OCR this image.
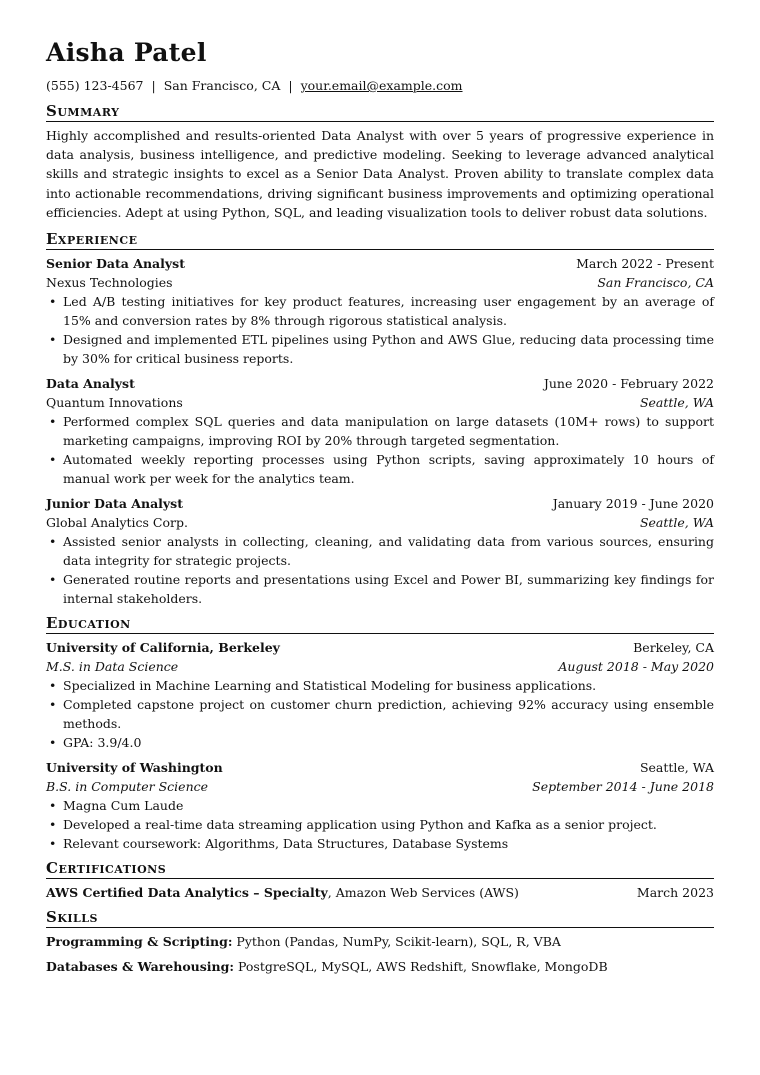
Aisha Patel
(555) 123-4567 | San Francisco, CA | your.email@example.com
Summary
Highly accomplished and results-oriented Data Analyst with over 5 years of progressive experience in data analysis, business intelligence, and predictive modeling. Seeking to leverage advanced analytical skills and strategic insights to excel as a Senior Data Analyst. Proven ability to translate complex data into actionable recommendations, driving significant business improvements and optimizing operational efficiencies. Adept at using Python, SQL, and leading visualization tools to deliver robust data solutions.
Experience
Senior Data Analyst	March 2022 - Present
Nexus Technologies	San Francisco, CA
• Led A/B testing initiatives for key product features, increasing user engagement by an average of 15% and conversion rates by 8% through rigorous statistical analysis.
• Designed and implemented ETL pipelines using Python and AWS Glue, reducing data processing time by 30% for critical business reports.
Data Analyst	June 2020 - February 2022
Quantum Innovations	Seattle, WA
• Performed complex SQL queries and data manipulation on large datasets (10M+ rows) to support marketing campaigns, improving ROI by 20% through targeted segmentation.
• Automated weekly reporting processes using Python scripts, saving approximately 10 hours of manual work per week for the analytics team.
Junior Data Analyst	January 2019 - June 2020
Global Analytics Corp.	Seattle, WA
• Assisted senior analysts in collecting, cleaning, and validating data from various sources, ensuring data integrity for strategic projects.
• Generated routine reports and presentations using Excel and Power BI, summarizing key findings for internal stakeholders.
Education
University of California, Berkeley	Berkeley, CA
M.S. in Data Science	August 2018 - May 2020
• Specialized in Machine Learning and Statistical Modeling for business applications.
• Completed capstone project on customer churn prediction, achieving 92% accuracy using ensemble methods.
• GPA: 3.9/4.0
University of Washington	Seattle, WA
B.S. in Computer Science	September 2014 - June 2018
• Magna Cum Laude
• Developed a real-time data streaming application using Python and Kafka as a senior project.
• Relevant coursework: Algorithms, Data Structures, Database Systems
Certifications
AWS Certified Data Analytics – Specialty, Amazon Web Services (AWS)	March 2023
Skills
Programming & Scripting: Python (Pandas, NumPy, Scikit-learn), SQL, R, VBA
Databases & Warehousing: PostgreSQL, MySQL, AWS Redshift, Snowflake, MongoDB
